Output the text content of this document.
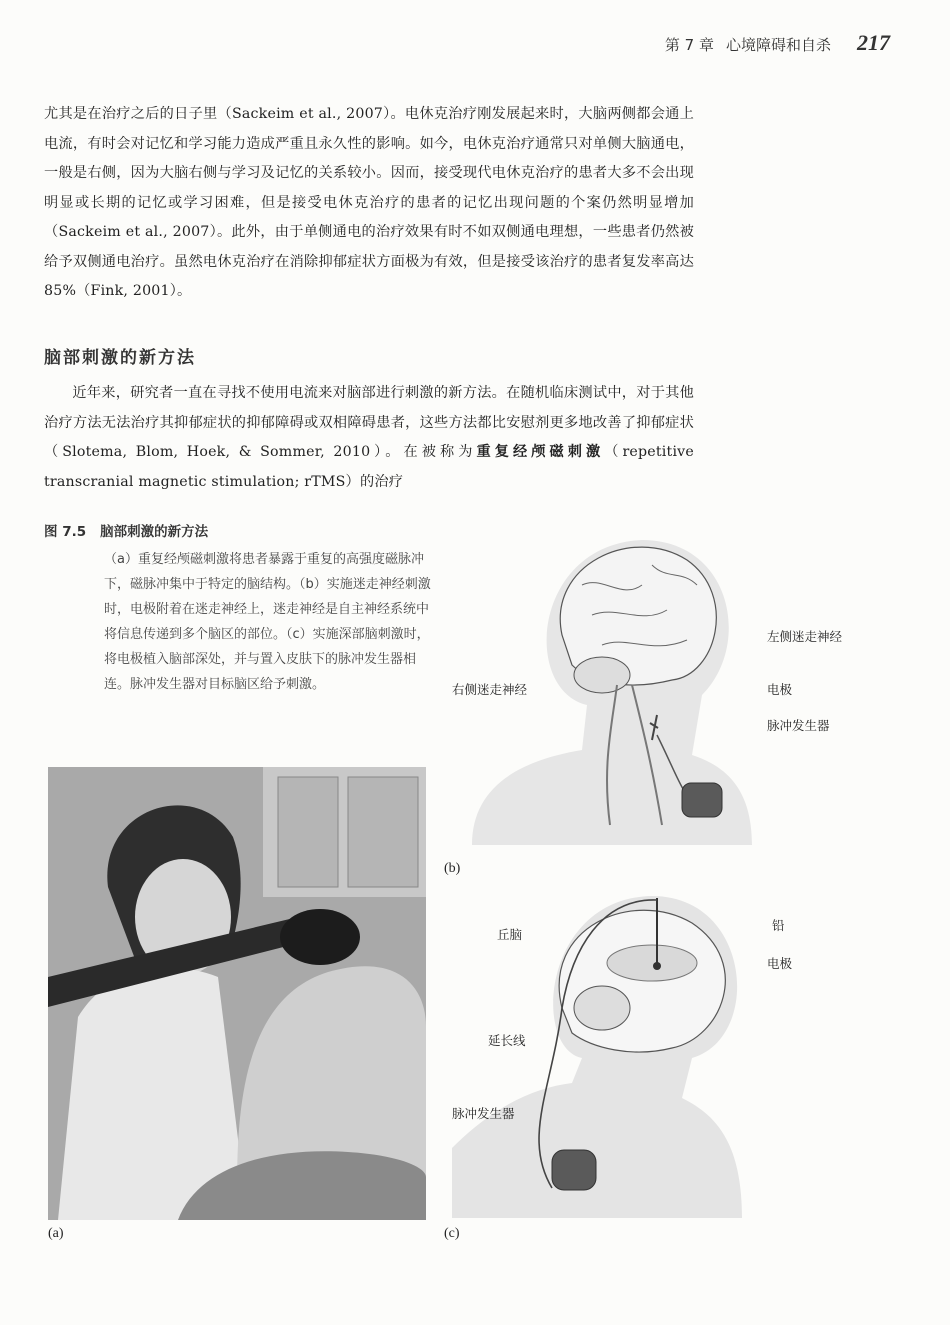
第 7 章 心境障碍和自杀 217

尤其是在治疗之后的日子里（Sackeim et al., 2007）。电休克治疗刚发展起来时，大脑两侧都会通上电流，有时会对记忆和学习能力造成严重且永久性的影响。如今，电休克治疗通常只对单侧大脑通电，一般是右侧，因为大脑右侧与学习及记忆的关系较小。因而，接受现代电休克治疗的患者大多不会出现明显或长期的记忆或学习困难，但是接受电休克治疗的患者的记忆出现问题的个案仍然明显增加（Sackeim et al., 2007）。此外，由于单侧通电的治疗效果有时不如双侧通电理想，一些患者仍然被给予双侧通电治疗。虽然电休克治疗在消除抑郁症状方面极为有效，但是接受该治疗的患者复发率高达 85%（Fink, 2001）。

脑部刺激的新方法

近年来，研究者一直在寻找不使用电流来对脑部进行刺激的新方法。在随机临床测试中，对于其他治疗方法无法治疗其抑郁症状的抑郁障碍或双相障碍患者，这些方法都比安慰剂更多地改善了抑郁症状（Slotema, Blom, Hoek, & Sommer, 2010）。在被称为重复经颅磁刺激（repetitive transcranial magnetic stimulation; rTMS）的治疗

图 7.5 脑部刺激的新方法

（a）重复经颅磁刺激将患者暴露于重复的高强度磁脉冲下，磁脉冲集中于特定的脑结构。（b）实施迷走神经刺激时，电极附着在迷走神经上，迷走神经是自主神经系统中将信息传递到多个脑区的部位。（c）实施深部脑刺激时，将电极植入脑部深处，并与置入皮肤下的脉冲发生器相连。脉冲发生器对目标脑区给予刺激。

(a)
左侧迷走神经
右侧迷走神经	电极
脉冲发生器
(b)
丘脑
铅
电极
延长线
脉冲发生器
(c)
